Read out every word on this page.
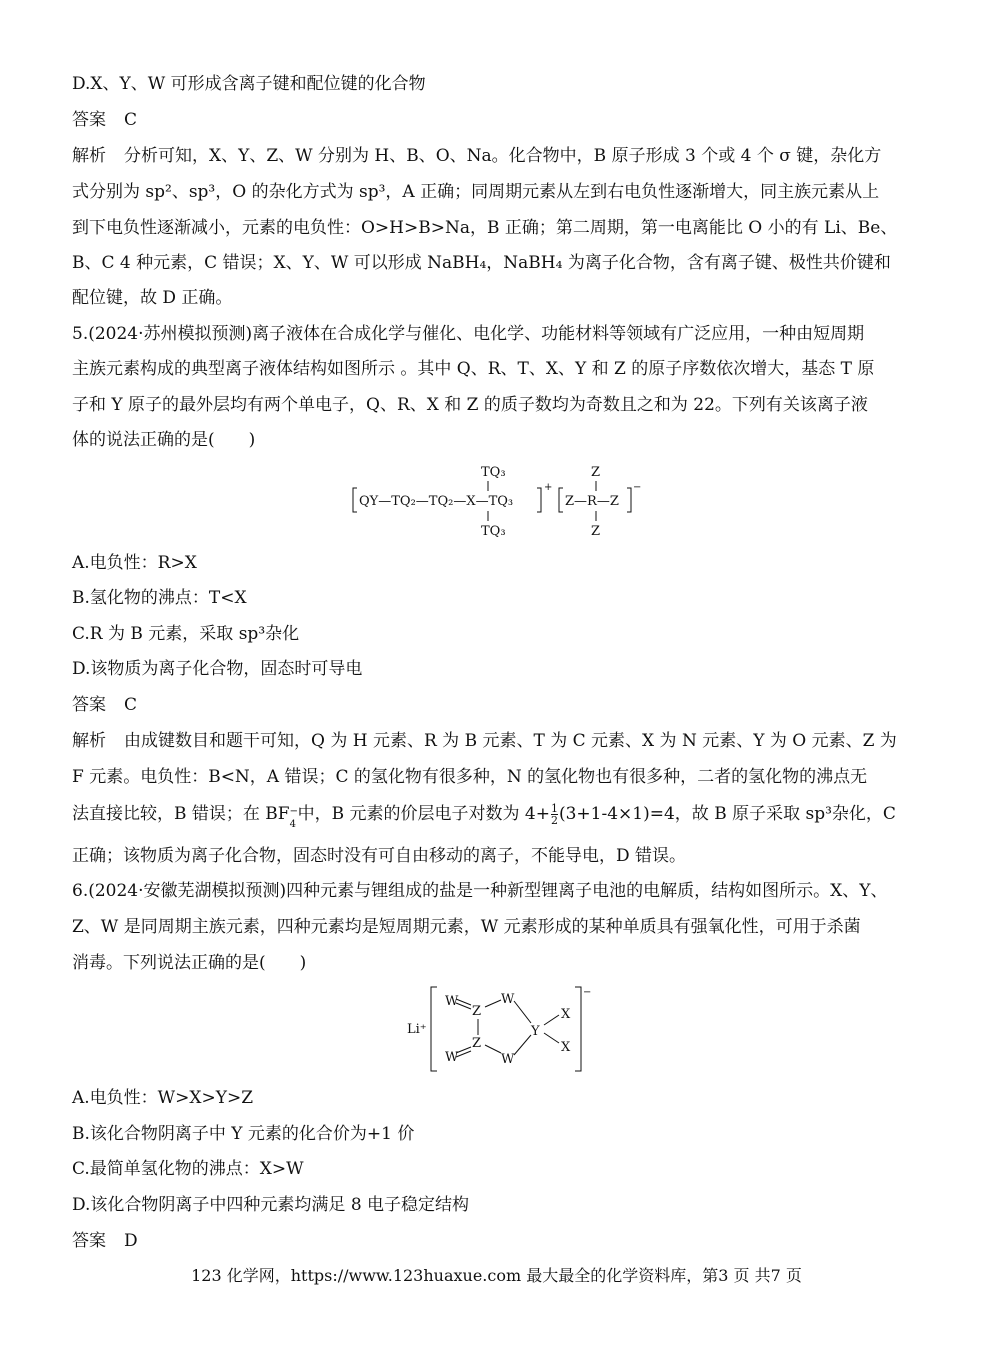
D.X、Y、W 可形成含离子键和配位键的化合物
答案 C
解析 分析可知，X、Y、Z、W 分别为 H、B、O、Na。化合物中，B 原子形成 3 个或 4 个 σ 键，杂化方
式分别为 sp²、sp³，O 的杂化方式为 sp³，A 正确；同周期元素从左到右电负性逐渐增大，同主族元素从上
到下电负性逐渐减小，元素的电负性：O>H>B>Na，B 正确；第二周期，第一电离能比 O 小的有 Li、Be、
B、C 4 种元素，C 错误；X、Y、W 可以形成 NaBH₄，NaBH₄ 为离子化合物，含有离子键、极性共价键和
配位键，故 D 正确。
5.(2024·苏州模拟预测)离子液体在合成化学与催化、电化学、功能材料等领域有广泛应用，一种由短周期
主族元素构成的典型离子液体结构如图所示 。其中 Q、R、T、X、Y 和 Z 的原子序数依次增大，基态 T 原
子和 Y 原子的最外层均有两个单电子，Q、R、X 和 Z 的质子数均为奇数且之和为 22。下列有关该离子液
体的说法正确的是(　　)
QY—TQ₂—TQ₂—X—TQ₃
TQ₃
TQ₃
+
Z
Z—R—Z
Z
−
A.电负性：R>X
B.氢化物的沸点：T<X
C.R 为 B 元素，采取 sp³杂化
D.该物质为离子化合物，固态时可导电
答案 C
解析 由成键数目和题干可知，Q 为 H 元素、R 为 B 元素、T 为 C 元素、X 为 N 元素、Y 为 O 元素、Z 为
F 元素。电负性：B<N，A 错误；C 的氢化物有很多种，N 的氢化物也有很多种，二者的氢化物的沸点无
法直接比较，B 错误；在 BF −
4
中，B 元素的价层电子对数为 $4+ \frac{1}{2} (3+1-4\times 1)=4$，故 B 原子采取 sp³杂化，C
正确；该物质为离子化合物，固态时没有可自由移动的离子，不能导电，D 错误。
6.(2024·安徽芜湖模拟预测)四种元素与锂组成的盐是一种新型锂离子电池的电解质，结构如图所示。X、Y、
Z、W 是同周期主族元素，四种元素均是短周期元素，W 元素形成的某种单质具有强氧化性，可用于杀菌
消毒。下列说法正确的是(　　)
Li⁺
W
Z
W
Y
X
X
W
Z
W
−
A.电负性：W>X>Y>Z
B.该化合物阴离子中 Y 元素的化合价为+1 价
C.最简单氢化物的沸点：X>W
D.该化合物阴离子中四种元素均满足 8 电子稳定结构
答案 D
123 化学网，https://www.123huaxue.com 最大最全的化学资料库，第3 页 共7 页
